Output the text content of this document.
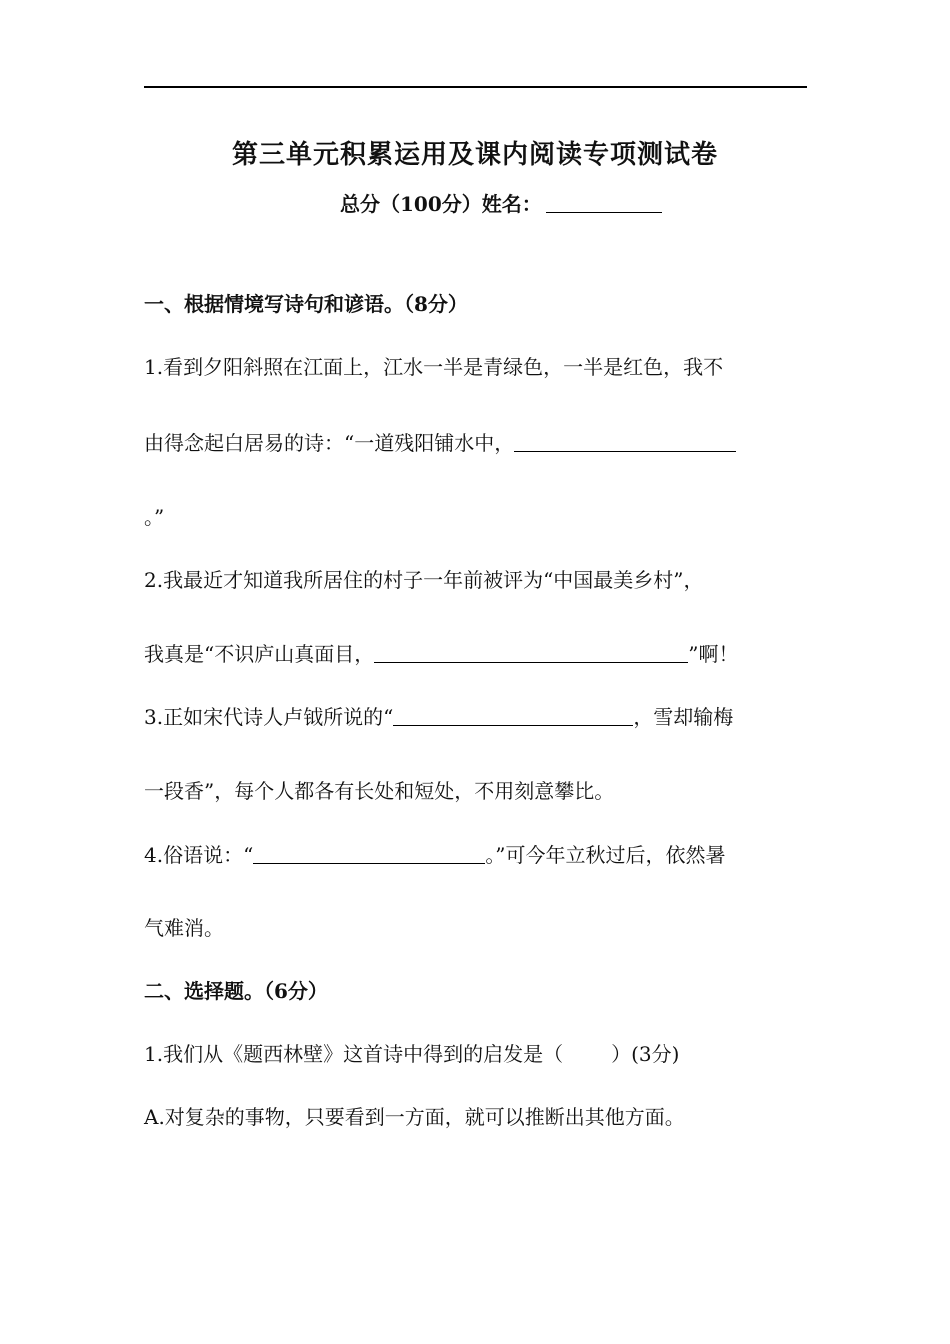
第三单元积累运用及课内阅读专项测试卷
总分（100分）姓名：
一、根据情境写诗句和谚语。（8分）
1.看到夕阳斜照在江面上，江水一半是青绿色，一半是红色，我不
由得念起白居易的诗：“一道残阳铺水中，
。”
2.我最近才知道我所居住的村子一年前被评为“中国最美乡村”，
我真是“不识庐山真面目，	”啊！
3.正如宋代诗人卢钺所说的“	，雪却输梅
一段香”，每个人都各有长处和短处，不用刻意攀比。
4.俗语说：“	。”可今年立秋过后，依然暑
气难消。
二、选择题。（6分）
1.我们从《题西林壁》这首诗中得到的启发是（ ）(3分)
A.对复杂的事物，只要看到一方面，就可以推断出其他方面。
